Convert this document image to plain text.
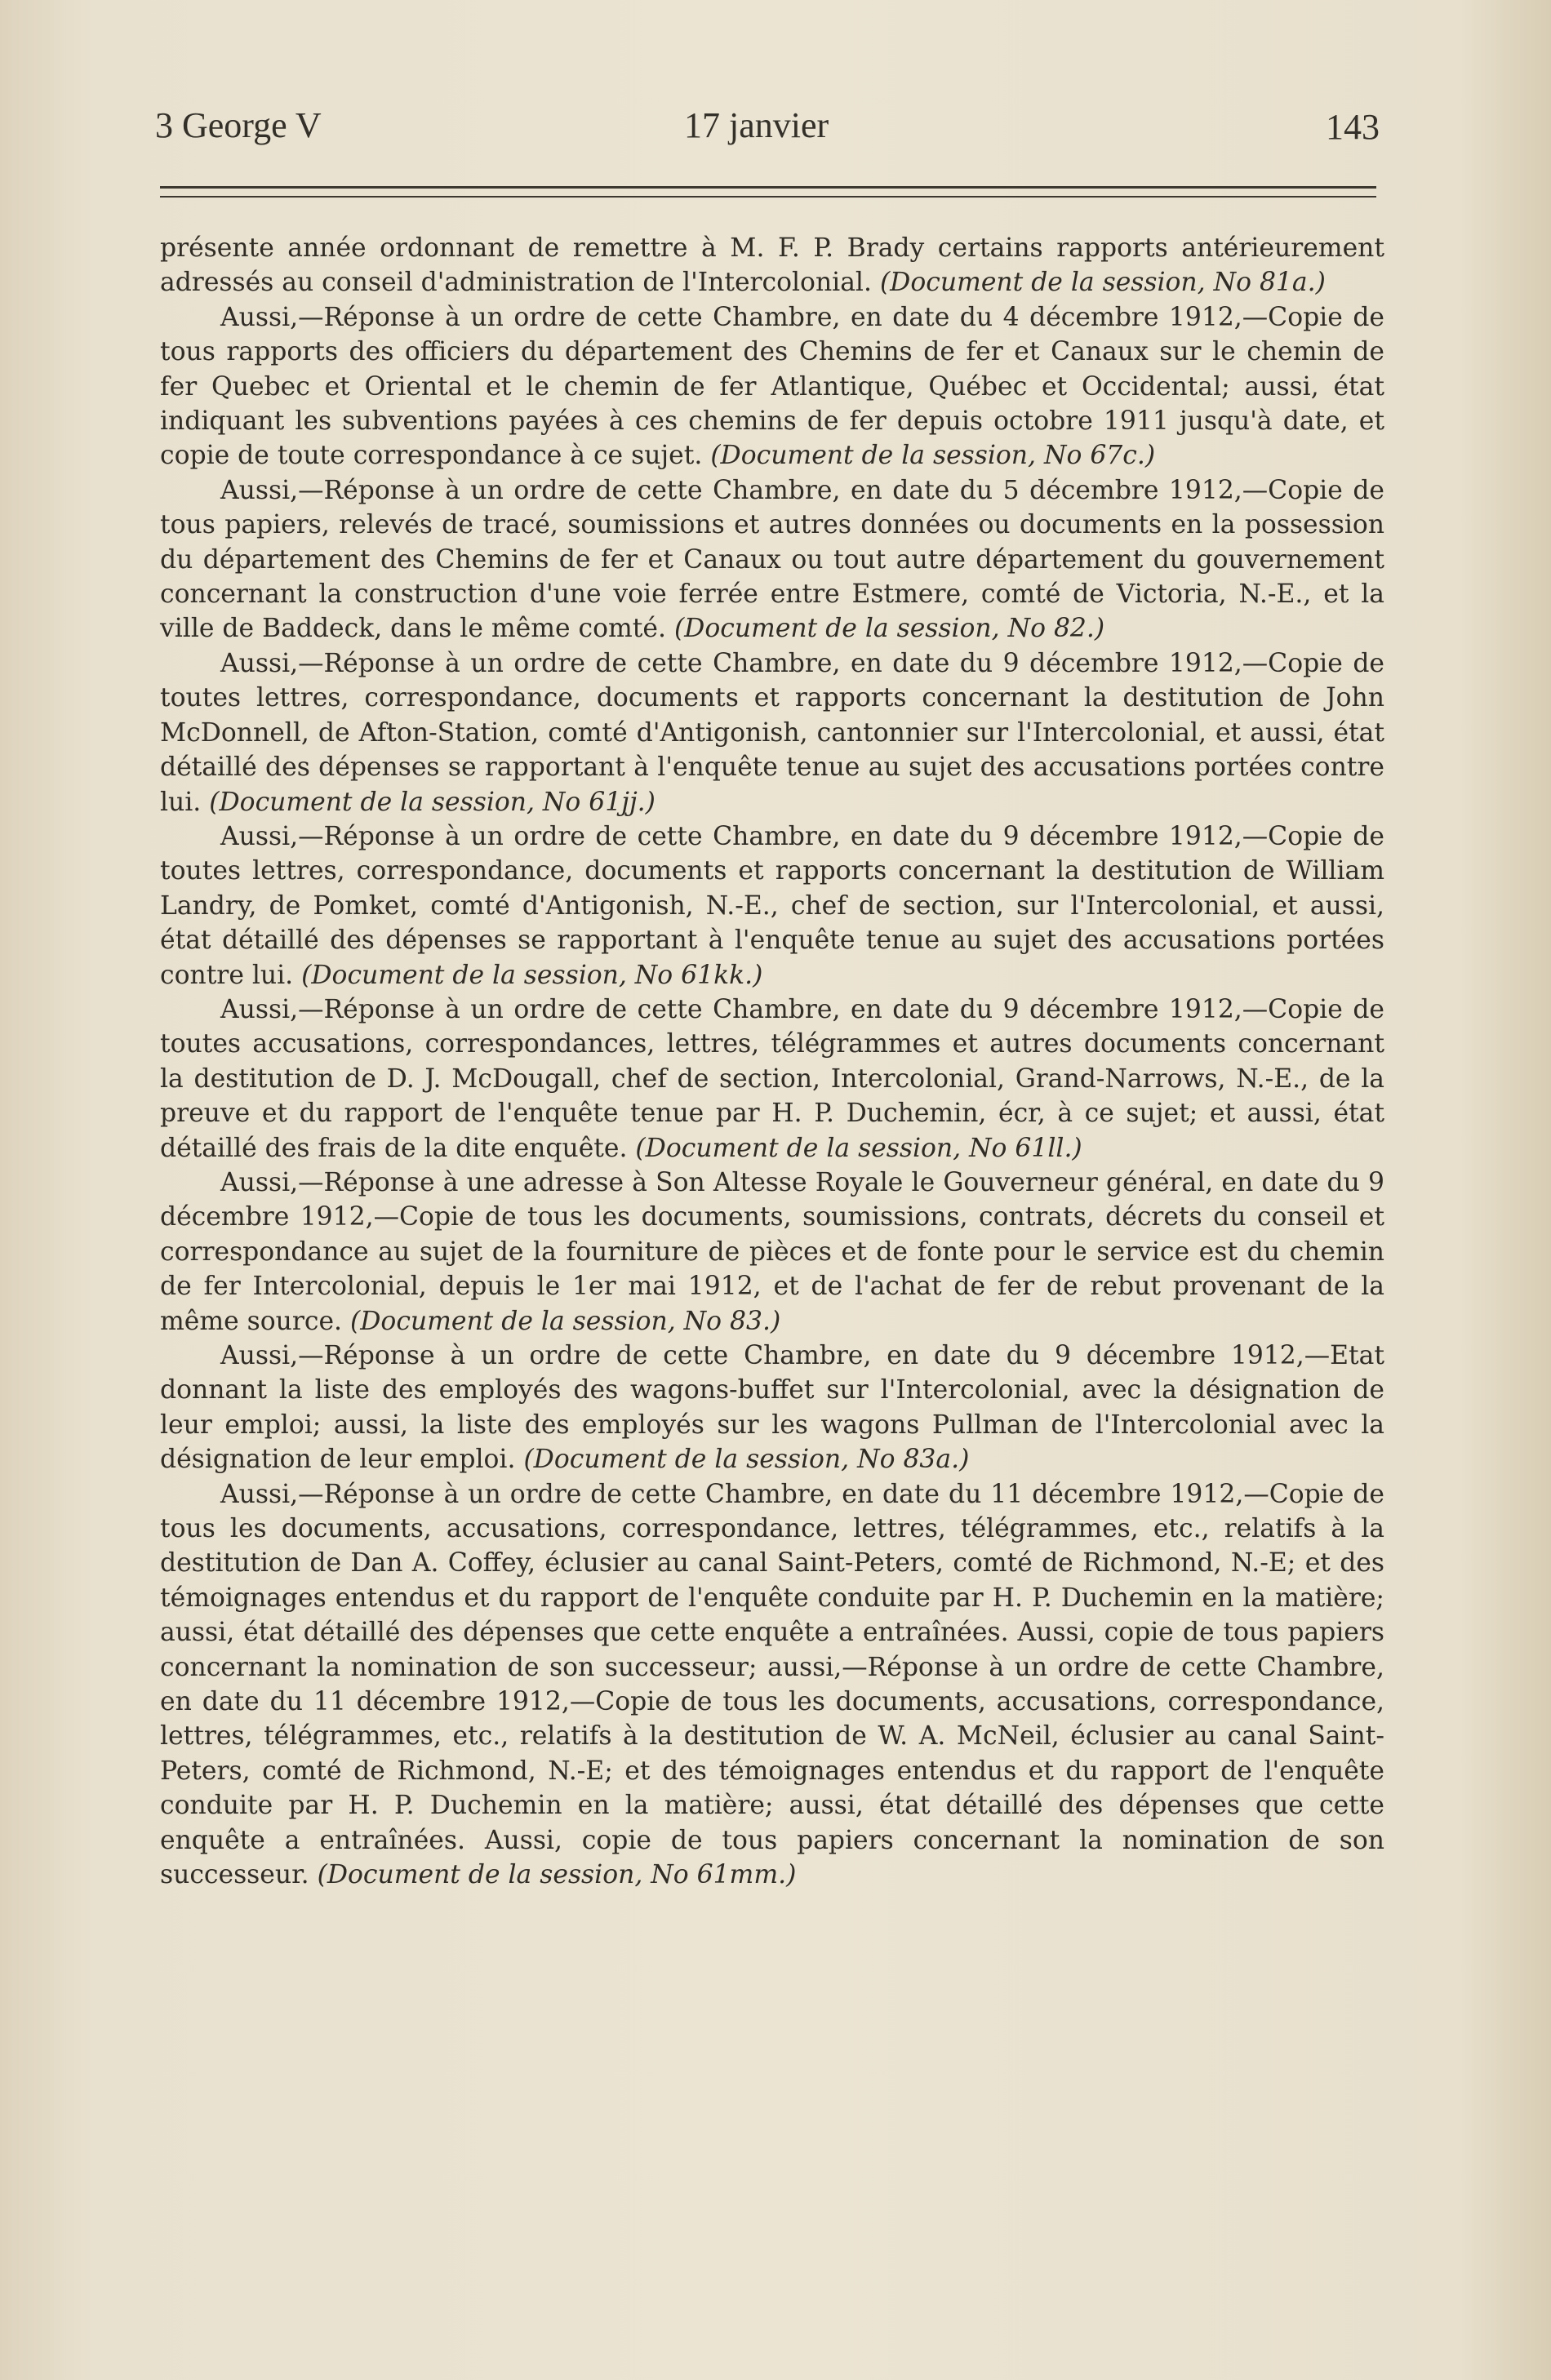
3 George V	17 janvier	143

présente année ordonnant de remettre à M. F. P. Brady certains rapports antérieurement adressés au conseil d'administration de l'Intercolonial. (Document de la session, No 81a.)

Aussi,—Réponse à un ordre de cette Chambre, en date du 4 décembre 1912,—Copie de tous rapports des officiers du département des Chemins de fer et Canaux sur le chemin de fer Quebec et Oriental et le chemin de fer Atlantique, Québec et Occidental; aussi, état indiquant les subventions payées à ces chemins de fer depuis octobre 1911 jusqu'à date, et copie de toute correspondance à ce sujet. (Document de la session, No 67c.)

Aussi,—Réponse à un ordre de cette Chambre, en date du 5 décembre 1912,—Copie de tous papiers, relevés de tracé, soumissions et autres données ou documents en la possession du département des Chemins de fer et Canaux ou tout autre département du gouvernement concernant la construction d'une voie ferrée entre Estmere, comté de Victoria, N.-E., et la ville de Baddeck, dans le même comté. (Document de la session, No 82.)

Aussi,—Réponse à un ordre de cette Chambre, en date du 9 décembre 1912,—Copie de toutes lettres, correspondance, documents et rapports concernant la destitution de John McDonnell, de Afton-Station, comté d'Antigonish, cantonnier sur l'Intercolonial, et aussi, état détaillé des dépenses se rapportant à l'enquête tenue au sujet des accusations portées contre lui. (Document de la session, No 61jj.)

Aussi,—Réponse à un ordre de cette Chambre, en date du 9 décembre 1912,—Copie de toutes lettres, correspondance, documents et rapports concernant la destitution de William Landry, de Pomket, comté d'Antigonish, N.-E., chef de section, sur l'Intercolonial, et aussi, état détaillé des dépenses se rapportant à l'enquête tenue au sujet des accusations portées contre lui. (Document de la session, No 61kk.)

Aussi,—Réponse à un ordre de cette Chambre, en date du 9 décembre 1912,—Copie de toutes accusations, correspondances, lettres, télégrammes et autres documents concernant la destitution de D. J. McDougall, chef de section, Intercolonial, Grand-Narrows, N.-E., de la preuve et du rapport de l'enquête tenue par H. P. Duchemin, écr, à ce sujet; et aussi, état détaillé des frais de la dite enquête. (Document de la session, No 61ll.)

Aussi,—Réponse à une adresse à Son Altesse Royale le Gouverneur général, en date du 9 décembre 1912,—Copie de tous les documents, soumissions, contrats, décrets du conseil et correspondance au sujet de la fourniture de pièces et de fonte pour le service est du chemin de fer Intercolonial, depuis le 1er mai 1912, et de l'achat de fer de rebut provenant de la même source. (Document de la session, No 83.)

Aussi,—Réponse à un ordre de cette Chambre, en date du 9 décembre 1912,—Etat donnant la liste des employés des wagons-buffet sur l'Intercolonial, avec la désignation de leur emploi; aussi, la liste des employés sur les wagons Pullman de l'Intercolonial avec la désignation de leur emploi. (Document de la session, No 83a.)

Aussi,—Réponse à un ordre de cette Chambre, en date du 11 décembre 1912,—Copie de tous les documents, accusations, correspondance, lettres, télégrammes, etc., relatifs à la destitution de Dan A. Coffey, éclusier au canal Saint-Peters, comté de Richmond, N.-E; et des témoignages entendus et du rapport de l'enquête conduite par H. P. Duchemin en la matière; aussi, état détaillé des dépenses que cette enquête a entraînées. Aussi, copie de tous papiers concernant la nomination de son successeur; aussi,—Réponse à un ordre de cette Chambre, en date du 11 décembre 1912,—Copie de tous les documents, accusations, correspondance, lettres, télégrammes, etc., relatifs à la destitution de W. A. McNeil, éclusier au canal Saint-Peters, comté de Richmond, N.-E; et des témoignages entendus et du rapport de l'enquête conduite par H. P. Duchemin en la matière; aussi, état détaillé des dépenses que cette enquête a entraînées. Aussi, copie de tous papiers concernant la nomination de son successeur. (Document de la session, No 61mm.)
